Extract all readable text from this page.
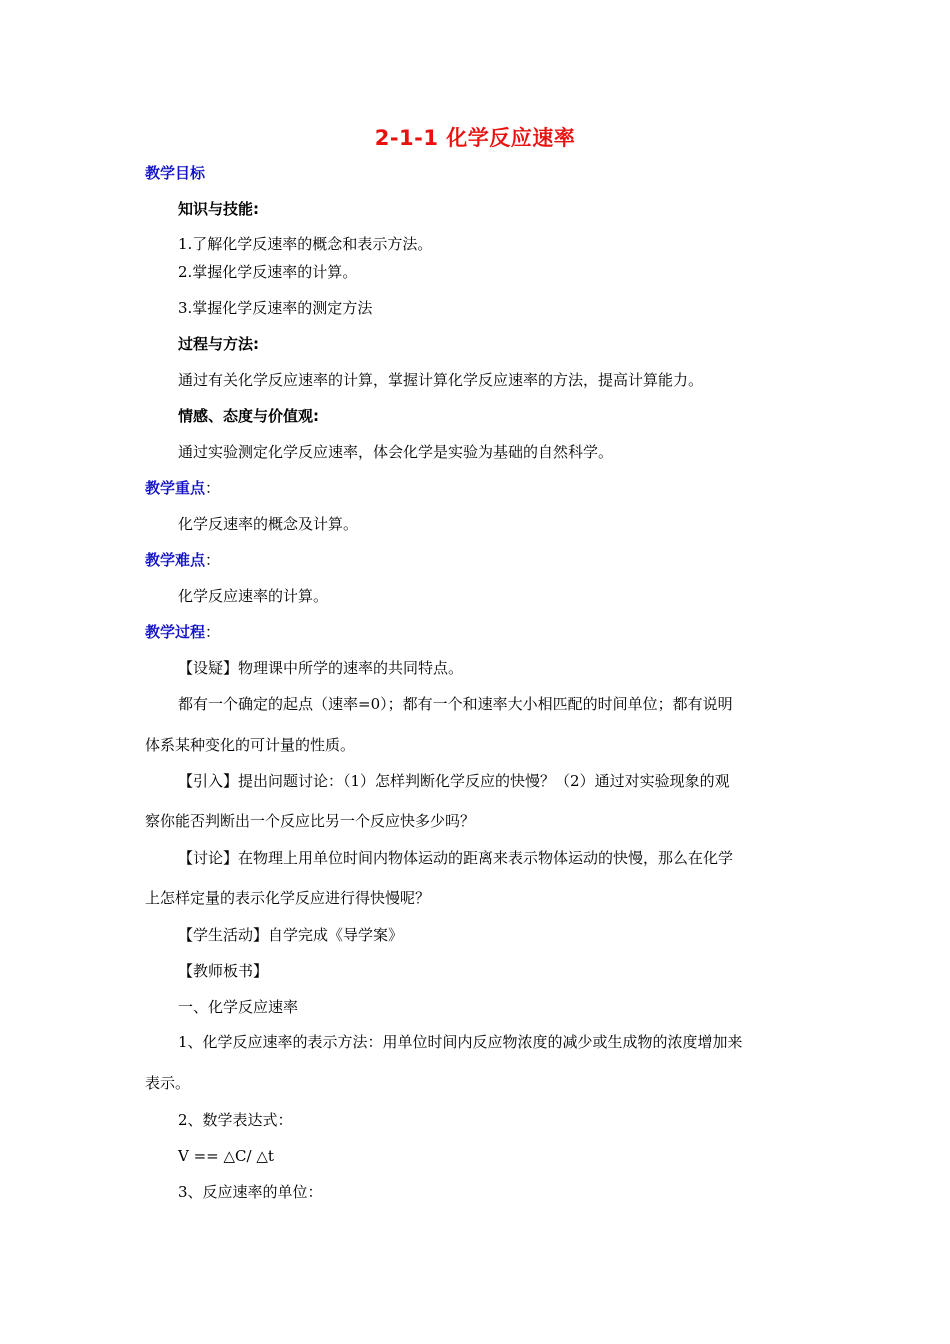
2-1-1 化学反应速率
教学目标
知识与技能:
1.了解化学反速率的概念和表示方法。
2.掌握化学反速率的计算。
3.掌握化学反速率的测定方法
过程与方法:
通过有关化学反应速率的计算，掌握计算化学反应速率的方法，提高计算能力。
情感、态度与价值观:
通过实验测定化学反应速率，体会化学是实验为基础的自然科学。
教学重点：
化学反速率的概念及计算。
教学难点：
化学反应速率的计算。
教学过程：
【设疑】物理课中所学的速率的共同特点。
都有一个确定的起点（速率=0）；都有一个和速率大小相匹配的时间单位；都有说明
体系某种变化的可计量的性质。
【引入】提出问题讨论：（1）怎样判断化学反应的快慢？（2）通过对实验现象的观
察你能否判断出一个反应比另一个反应快多少吗？
【讨论】在物理上用单位时间内物体运动的距离来表示物体运动的快慢，那么在化学
上怎样定量的表示化学反应进行得快慢呢？
【学生活动】自学完成《导学案》
【教师板书】
一、化学反应速率
1、化学反应速率的表示方法：用单位时间内反应物浓度的减少或生成物的浓度增加来
表示。
2、数学表达式：
V == △C/ △t
3、反应速率的单位：
